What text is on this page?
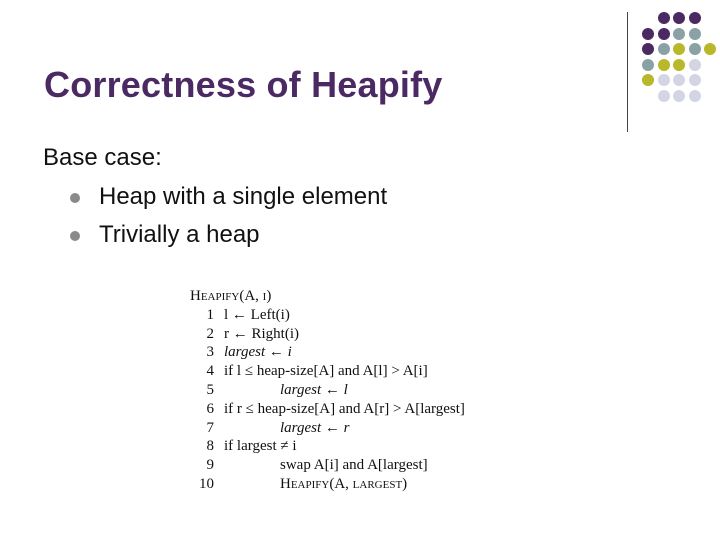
Correctness of Heapify
Base case:
Heap with a single element
Trivially a heap
Heapify(A, i)
1 l ← Left(i)
2 r ← Right(i)
3 largest ← i
4 if l ≤ heap-size[A] and A[l] > A[i]
5	largest ← l
6 if r ≤ heap-size[A] and A[r] > A[largest]
7	largest ← r
8 if largest ≠ i
9	swap A[i] and A[largest]
10	Heapify(A, largest)
